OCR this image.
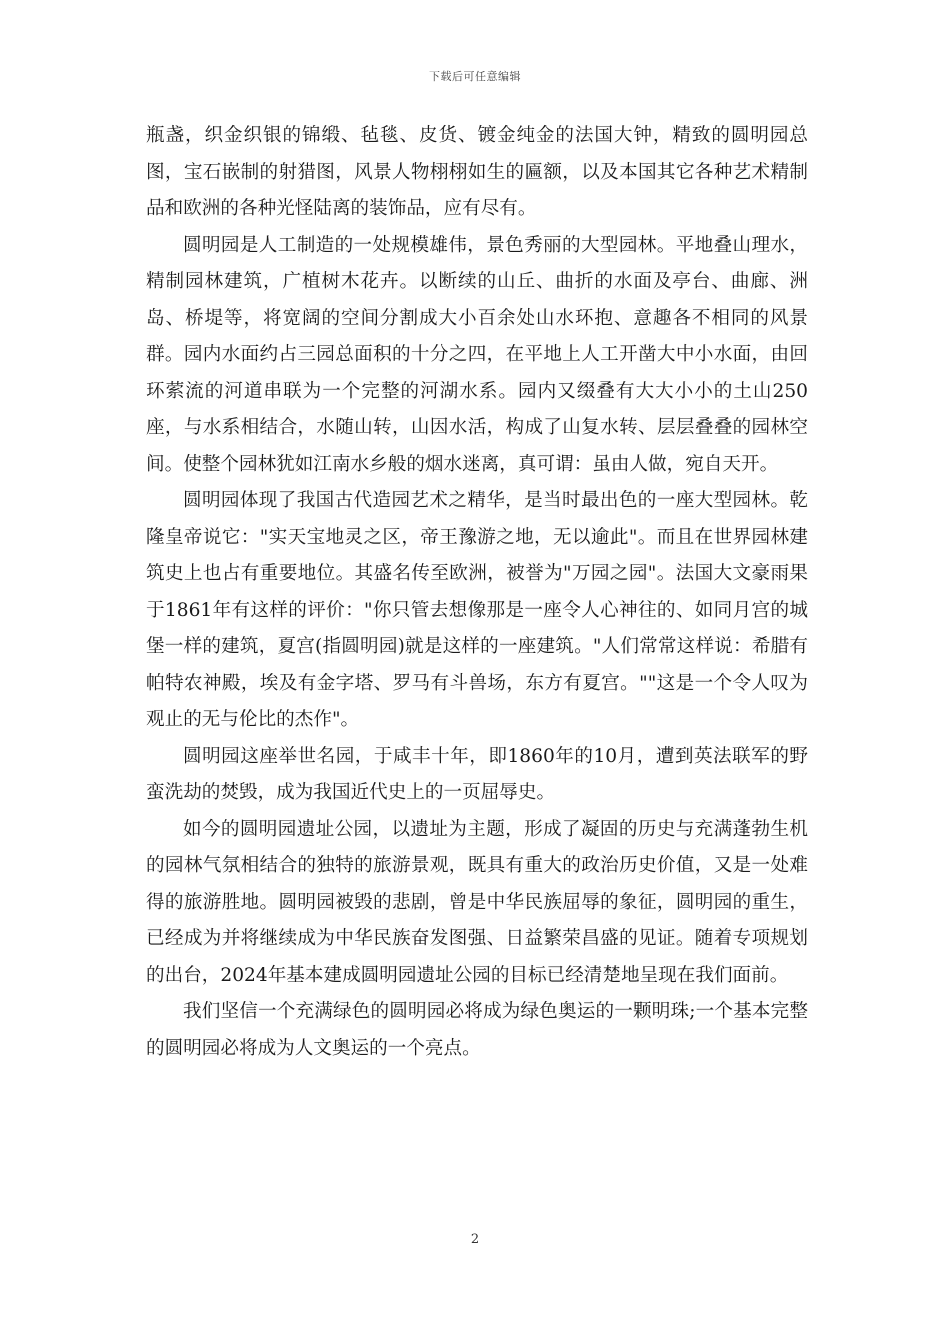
下载后可任意编辑

瓶盏，织金织银的锦缎、毡毯、皮货、镀金纯金的法国大钟，精致的圆明园总图，宝石嵌制的射猎图，风景人物栩栩如生的匾额，以及本国其它各种艺术精制品和欧洲的各种光怪陆离的装饰品，应有尽有。

圆明园是人工制造的一处规模雄伟，景色秀丽的大型园林。平地叠山理水，精制园林建筑，广植树木花卉。以断续的山丘、曲折的水面及亭台、曲廊、洲岛、桥堤等，将宽阔的空间分割成大小百余处山水环抱、意趣各不相同的风景群。园内水面约占三园总面积的十分之四，在平地上人工开凿大中小水面，由回环萦流的河道串联为一个完整的河湖水系。园内又缀叠有大大小小的土山250座，与水系相结合，水随山转，山因水活，构成了山复水转、层层叠叠的园林空间。使整个园林犹如江南水乡般的烟水迷离，真可谓：虽由人做，宛自天开。

圆明园体现了我国古代造园艺术之精华，是当时最出色的一座大型园林。乾隆皇帝说它："实天宝地灵之区，帝王豫游之地，无以逾此"。而且在世界园林建筑史上也占有重要地位。其盛名传至欧洲，被誉为"万园之园"。法国大文豪雨果于1861年有这样的评价："你只管去想像那是一座令人心神往的、如同月宫的城堡一样的建筑，夏宫(指圆明园)就是这样的一座建筑。"人们常常这样说：希腊有帕特农神殿，埃及有金字塔、罗马有斗兽场，东方有夏宫。""这是一个令人叹为观止的无与伦比的杰作"。

圆明园这座举世名园，于咸丰十年，即1860年的10月，遭到英法联军的野蛮洗劫的焚毁，成为我国近代史上的一页屈辱史。

如今的圆明园遗址公园，以遗址为主题，形成了凝固的历史与充满蓬勃生机的园林气氛相结合的独特的旅游景观，既具有重大的政治历史价值，又是一处难得的旅游胜地。圆明园被毁的悲剧，曾是中华民族屈辱的象征，圆明园的重生，已经成为并将继续成为中华民族奋发图强、日益繁荣昌盛的见证。随着专项规划的出台，2024年基本建成圆明园遗址公园的目标已经清楚地呈现在我们面前。

我们坚信一个充满绿色的圆明园必将成为绿色奥运的一颗明珠;一个基本完整的圆明园必将成为人文奥运的一个亮点。

2
